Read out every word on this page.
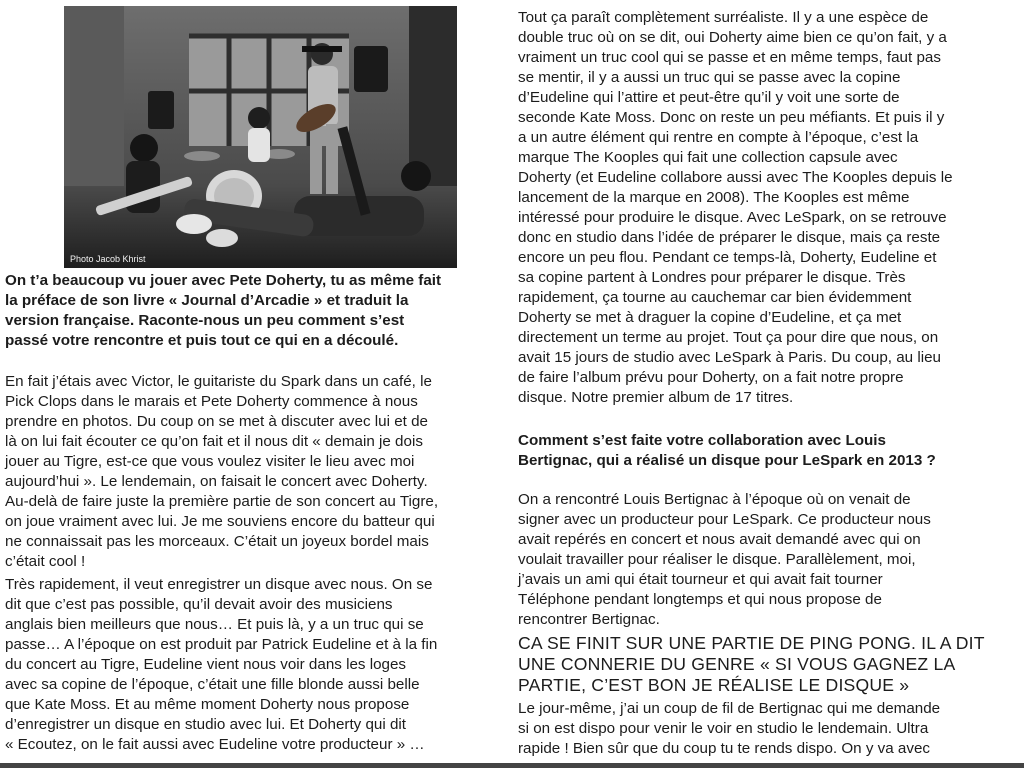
Photo Jacob Khrist

On t’a beaucoup vu jouer avec Pete Doherty, tu as même fait
la préface de son livre « Journal d’Arcadie » et traduit la
version française. Raconte-nous un peu comment s’est
passé votre rencontre et puis tout ce qui en a découlé.

En fait j’étais avec Victor, le guitariste du Spark dans un café, le
Pick Clops dans le marais et Pete Doherty commence à nous
prendre en photos. Du coup on se met à discuter avec lui et de
là on lui fait écouter ce qu’on fait et il nous dit « demain je dois
jouer au Tigre, est-ce que vous voulez visiter le lieu avec moi
aujourd’hui ». Le lendemain, on faisait le concert avec Doherty.
Au-delà de faire juste la première partie de son concert au Tigre,
on joue vraiment avec lui. Je me souviens encore du batteur qui
ne connaissait pas les morceaux. C’était un joyeux bordel mais
c’était cool !

Très rapidement, il veut enregistrer un disque avec nous. On se
dit que c’est pas possible, qu’il devait avoir des musiciens
anglais bien meilleurs que nous… Et puis là, y a un truc qui se
passe… A l’époque on est produit par Patrick Eudeline et à la fin
du concert au Tigre, Eudeline vient nous voir dans les loges
avec sa copine de l’époque, c’était une fille blonde aussi belle
que Kate Moss. Et au même moment Doherty nous propose
d’enregistrer un disque en studio avec lui. Et Doherty qui dit
« Ecoutez, on le fait aussi avec Eudeline votre producteur » …

Tout ça paraît complètement surréaliste. Il y a une espèce de
double truc où on se dit, oui Doherty aime bien ce qu’on fait, y a
vraiment un truc cool qui se passe et en même temps, faut pas
se mentir, il y a aussi un truc qui se passe avec la copine
d’Eudeline qui l’attire et peut-être qu’il y voit une sorte de
seconde Kate Moss. Donc on reste un peu méfiants. Et puis il y
a un autre élément qui rentre en compte à l’époque, c’est la
marque The Kooples qui fait une collection capsule avec
Doherty (et Eudeline collabore aussi avec The Kooples depuis le
lancement de la marque en 2008). The Kooples est même
intéressé pour produire le disque. Avec LeSpark, on se retrouve
donc en studio dans l’idée de préparer le disque, mais ça reste
encore un peu flou. Pendant ce temps-là, Doherty, Eudeline et
sa copine partent à Londres pour préparer le disque. Très
rapidement, ça tourne au cauchemar car bien évidemment
Doherty se met à draguer la copine d’Eudeline, et ça met
directement un terme au projet. Tout ça pour dire que nous, on
avait 15 jours de studio avec LeSpark à Paris. Du coup, au lieu
de faire l’album prévu pour Doherty, on a fait notre propre
disque. Notre premier album de 17 titres.

Comment s’est faite votre collaboration avec Louis
Bertignac, qui a réalisé un disque pour LeSpark en 2013 ?

On a rencontré Louis Bertignac à l’époque où on venait de
signer avec un producteur pour LeSpark. Ce producteur nous
avait repérés en concert et nous avait demandé avec qui on
voulait travailler pour réaliser le disque. Parallèlement, moi,
j’avais un ami qui était tourneur et qui avait fait tourner
Téléphone pendant longtemps et qui nous propose de
rencontrer Bertignac.

CA SE FINIT SUR UNE PARTIE DE PING PONG. IL A DIT
UNE CONNERIE DU GENRE « SI VOUS GAGNEZ LA
PARTIE, C’EST BON JE RÉALISE LE DISQUE »

Le jour-même, j’ai un coup de fil de Bertignac qui me demande
si on est dispo pour venir le voir en studio le lendemain. Ultra
rapide ! Bien sûr que du coup tu te rends dispo. On y va avec
